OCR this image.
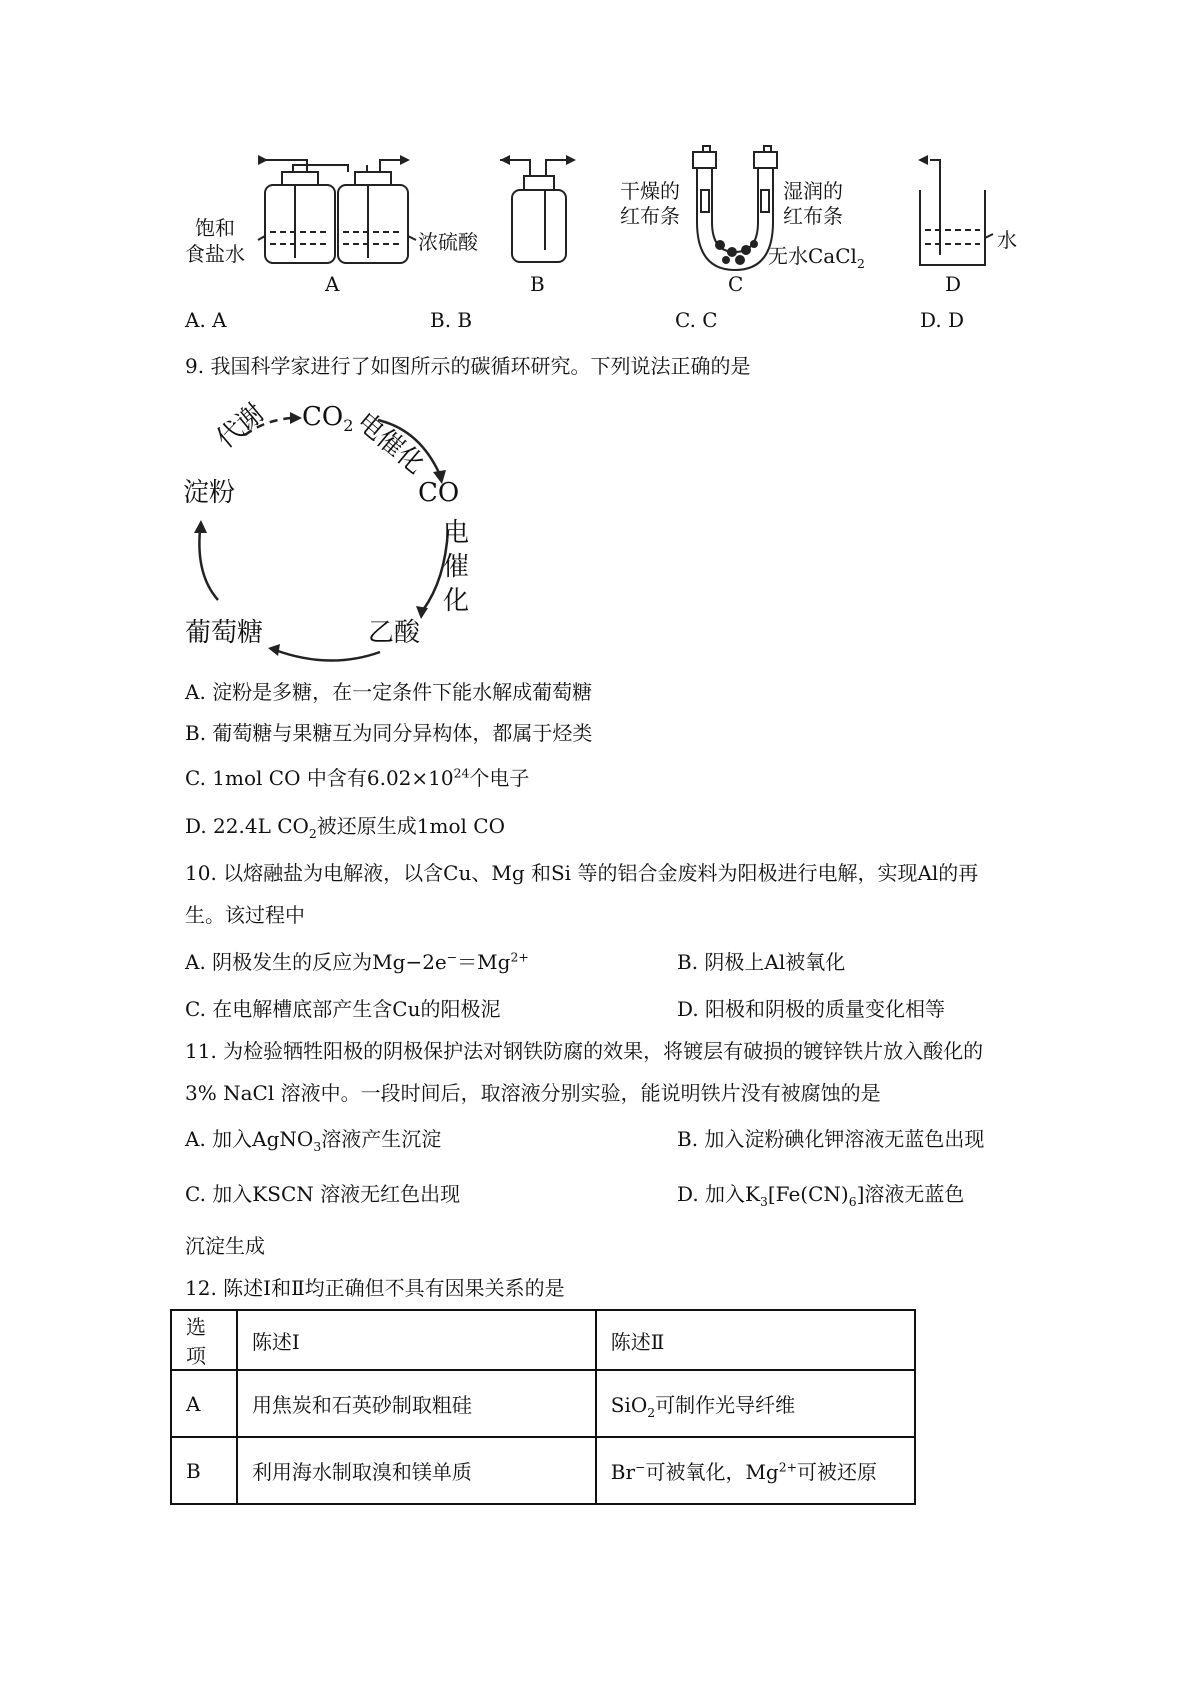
饱和
食盐水	浓硫酸
A	B
干燥的
红布条
湿润的
红布条
无水CaCl$_2$
C
水
D
A. A	B. B	C. C	D. D
9. 我国科学家进行了如图所示的碳循环研究。下列说法正确的是
$CO_2$
CO
乙酸
葡萄糖
淀粉
代谢	电催化
电
催
化
A. 淀粉是多糖，在一定条件下能水解成葡萄糖
B. 葡萄糖与果糖互为同分异构体，都属于烃类
C. 1mol CO 中含有$6.02\times 10^{24}$个电子
D. 22.4L $CO_2$被还原生成1mol CO
10. 以熔融盐为电解液，以含Cu、Mg 和Si 等的铝合金废料为阳极进行电解，实现Al的再
生。该过程中
A. 阴极发生的反应为$Mg-2e^-=Mg^{2+}$	B. 阴极上Al被氧化
C. 在电解槽底部产生含Cu的阳极泥	D. 阳极和阴极的质量变化相等
11. 为检验牺牲阳极的阴极保护法对钢铁防腐的效果，将镀层有破损的镀锌铁片放入酸化的
3% NaCl 溶液中。一段时间后，取溶液分别实验，能说明铁片没有被腐蚀的是
A. 加入AgNO$_3$溶液产生沉淀	B. 加入淀粉碘化钾溶液无蓝色出现
C. 加入KSCN 溶液无红色出现	D. 加入$K_3[Fe(CN)_6]$溶液无蓝色
沉淀生成
12. 陈述Ⅰ和Ⅱ均正确但不具有因果关系的是
选项	陈述Ⅰ	陈述Ⅱ
A	用焦炭和石英砂制取粗硅	SiO$_2$可制作光导纤维
B	利用海水制取溴和镁单质	Br−可被氧化，$Mg^{2+}$可被还原
